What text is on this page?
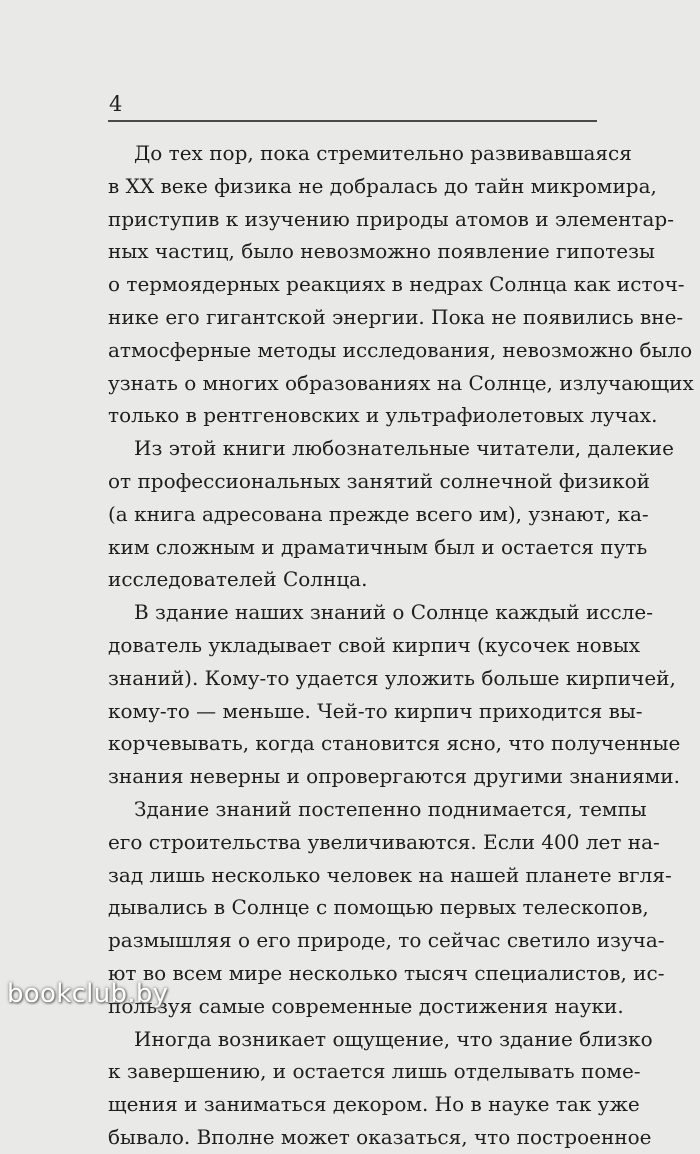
4

До тех пор, пока стремительно развивавшаяся
в XX веке физика не добралась до тайн микромира,
приступив к изучению природы атомов и элементар-
ных частиц, было невозможно появление гипотезы
о термоядерных реакциях в недрах Солнца как источ-
нике его гигантской энергии. Пока не появились вне-
атмосферные методы исследования, невозможно было
узнать о многих образованиях на Солнце, излучающих
только в рентгеновских и ультрафиолетовых лучах.

Из этой книги любознательные читатели, далекие
от профессиональных занятий солнечной физикой
(а книга адресована прежде всего им), узнают, ка-
ким сложным и драматичным был и остается путь
исследователей Солнца.

В здание наших знаний о Солнце каждый иссле-
дователь укладывает свой кирпич (кусочек новых
знаний). Кому-то удается уложить больше кирпичей,
кому-то — меньше. Чей-то кирпич приходится вы-
корчевывать, когда становится ясно, что полученные
знания неверны и опровергаются другими знаниями.

Здание знаний постепенно поднимается, темпы
его строительства увеличиваются. Если 400 лет на-
зад лишь несколько человек на нашей планете вгля-
дывались в Солнце с помощью первых телескопов,
размышляя о его природе, то сейчас светило изуча-
ют во всем мире несколько тысяч специалистов, ис-
пользуя самые современные достижения науки.

Иногда возникает ощущение, что здание близко
к завершению, и остается лишь отделывать поме-
щения и заниматься декором. Но в науке так уже
бывало. Вполне может оказаться, что построенное

bookclub.by
